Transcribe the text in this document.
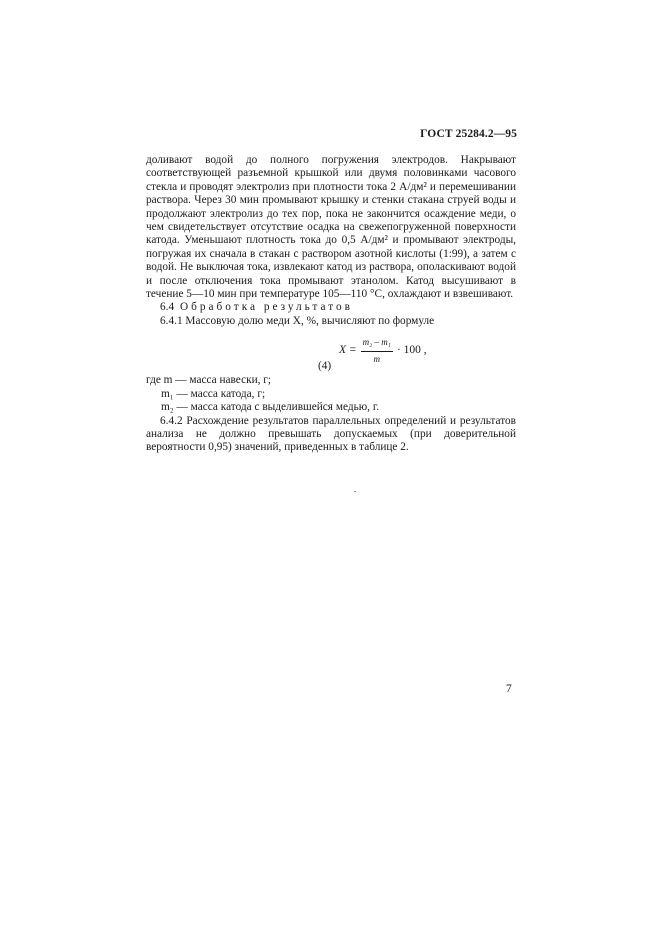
ГОСТ 25284.2—95

доливают водой до полного погружения электродов. Накрывают соответствующей разъемной крышкой или двумя половинками часового стекла и проводят электролиз при плотности тока 2 А/дм² и перемешивании раствора. Через 30 мин промывают крышку и стенки стакана струей воды и продолжают электролиз до тех пор, пока не закончится осаждение меди, о чем свидетельствует отсутствие осадка на свежепогруженной поверхности катода. Уменьшают плотность тока до 0,5 А/дм² и промывают электроды, погружая их сначала в стакан с раствором азотной кислоты (1:99), а затем с водой. Не выключая тока, извлекают катод из раствора, ополаскивают водой и после отключения тока промывают этанолом. Катод высушивают в течение 5—10 мин при температуре 105—110 °С, охлаждают и взвешивают.

6.4 Обработка результатов

6.4.1 Массовую долю меди X, %, вычисляют по формуле

$X = \frac{\text{m₂ – m₁}}{m} \cdot 100$ ,
(4)

где m — масса навески, г;

m₁ — масса катода, г;

m₂ — масса катода с выделившейся медью, г.

6.4.2 Расхождение результатов параллельных определений и результатов анализа не должно превышать допускаемых (при доверительной вероятности 0,95) значений, приведенных в таблице 2.

7
